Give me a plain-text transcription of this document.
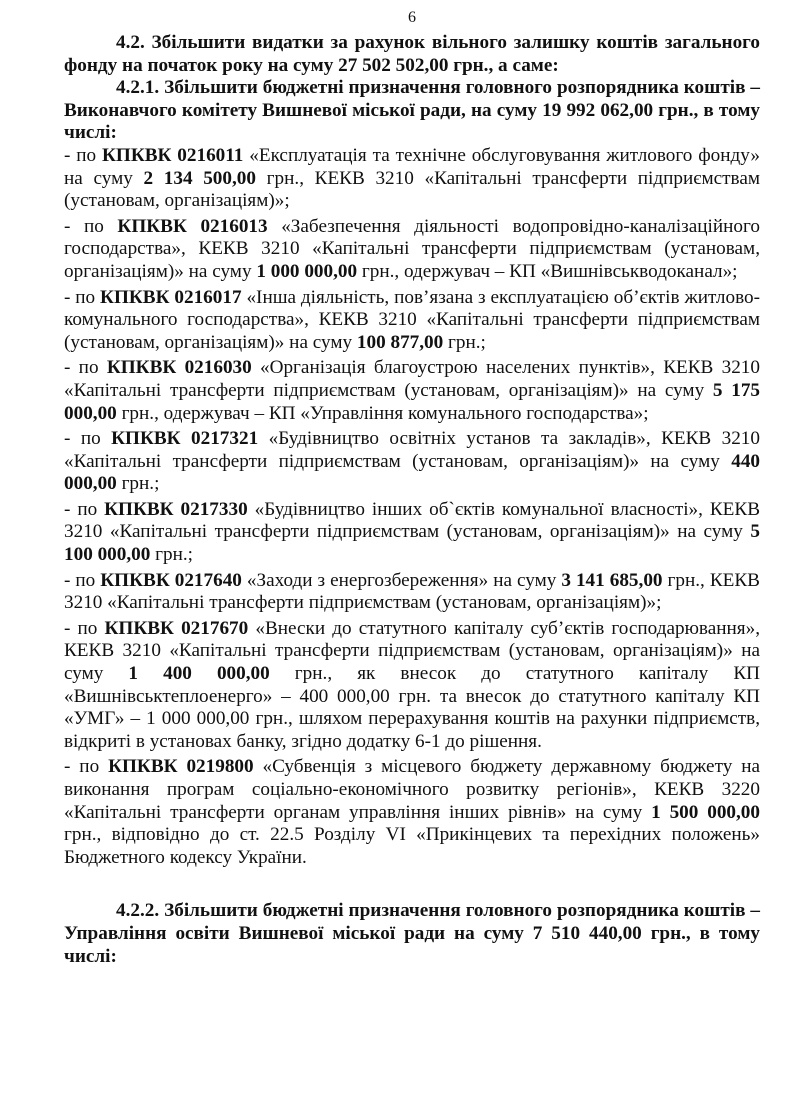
6

4.2. Збільшити видатки за рахунок вільного залишку коштів загального фонду на початок року на суму 27 502 502,00 грн., а саме:

4.2.1. Збільшити бюджетні призначення головного розпорядника коштів – Виконавчого комітету Вишневої міської ради, на суму 19 992 062,00 грн., в тому числі:

- по КПКВК 0216011 «Експлуатація та технічне обслуговування житлового фонду» на суму 2 134 500,00 грн., КЕКВ 3210 «Капітальні трансферти підприємствам (установам, організаціям)»;

- по КПКВК 0216013 «Забезпечення діяльності водопровідно-каналізаційного господарства», КЕКВ 3210 «Капітальні трансферти підприємствам (установам, організаціям)» на суму 1 000 000,00 грн., одержувач – КП «Вишнівськводоканал»;

- по КПКВК 0216017 «Інша діяльність, пов’язана з експлуатацією об’єктів житлово-комунального господарства», КЕКВ 3210 «Капітальні трансферти підприємствам (установам, організаціям)» на суму 100 877,00 грн.;

- по КПКВК 0216030 «Організація благоустрою населених пунктів», КЕКВ 3210 «Капітальні трансферти підприємствам (установам, організаціям)» на суму 5 175 000,00 грн., одержувач – КП «Управління комунального господарства»;

- по КПКВК 0217321 «Будівництво освітніх установ та закладів», КЕКВ 3210 «Капітальні трансферти підприємствам (установам, організаціям)» на суму 440 000,00 грн.;

- по КПКВК 0217330 «Будівництво інших об`єктів комунальної власності», КЕКВ 3210 «Капітальні трансферти підприємствам (установам, організаціям)» на суму 5 100 000,00 грн.;

- по КПКВК 0217640 «Заходи з енергозбереження» на суму 3 141 685,00 грн., КЕКВ 3210 «Капітальні трансферти підприємствам (установам, організаціям)»;

- по КПКВК 0217670 «Внески до статутного капіталу суб’єктів господарювання», КЕКВ 3210 «Капітальні трансферти підприємствам (установам, організаціям)» на суму 1 400 000,00 грн., як внесок до статутного капіталу КП «Вишнівськтеплоенерго» – 400 000,00 грн. та внесок до статутного капіталу КП «УМГ» – 1 000 000,00 грн., шляхом перерахування коштів на рахунки підприємств, відкриті в установах банку, згідно додатку 6-1 до рішення.

- по КПКВК 0219800 «Субвенція з місцевого бюджету державному бюджету на виконання програм соціально-економічного розвитку регіонів», КЕКВ 3220 «Капітальні трансферти органам управління інших рівнів» на суму 1 500 000,00 грн., відповідно до ст. 22.5 Розділу VI «Прикінцевих та перехідних положень» Бюджетного кодексу України.

4.2.2. Збільшити бюджетні призначення головного розпорядника коштів – Управління освіти Вишневої міської ради на суму 7 510 440,00 грн., в тому числі:
